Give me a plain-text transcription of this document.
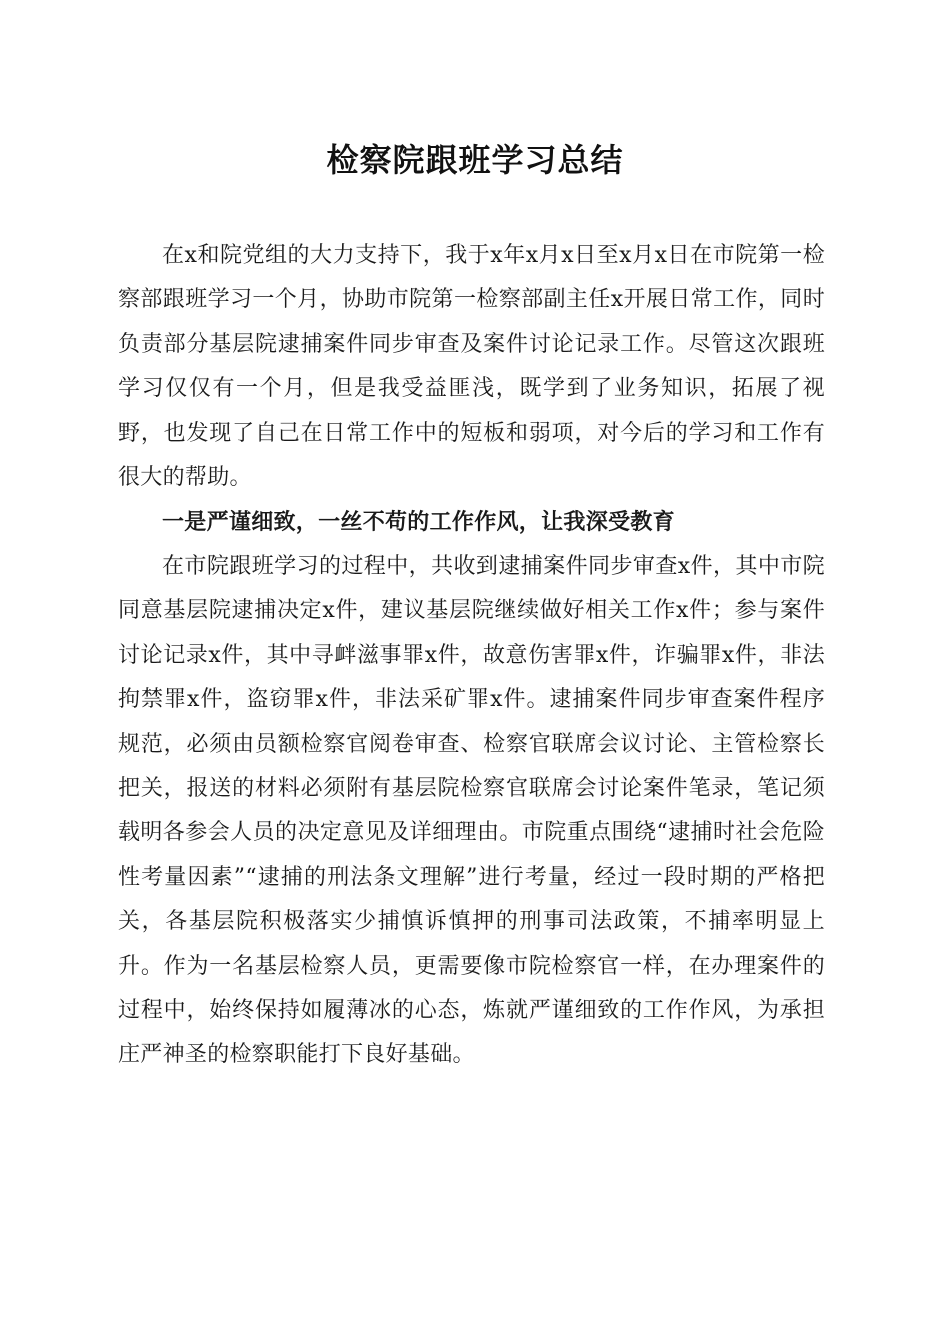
检察院跟班学习总结

在x和院党组的大力支持下，我于x年x月x日至x月x日在市院第一检察部跟班学习一个月，协助市院第一检察部副主任x开展日常工作，同时负责部分基层院逮捕案件同步审查及案件讨论记录工作。尽管这次跟班学习仅仅有一个月，但是我受益匪浅，既学到了业务知识，拓展了视野，也发现了自己在日常工作中的短板和弱项，对今后的学习和工作有很大的帮助。

一是严谨细致，一丝不苟的工作作风，让我深受教育

在市院跟班学习的过程中，共收到逮捕案件同步审查x件，其中市院同意基层院逮捕决定x件，建议基层院继续做好相关工作x件；参与案件讨论记录x件，其中寻衅滋事罪x件，故意伤害罪x件，诈骗罪x件，非法拘禁罪x件，盗窃罪x件，非法采矿罪x件。逮捕案件同步审查案件程序规范，必须由员额检察官阅卷审查、检察官联席会议讨论、主管检察长把关，报送的材料必须附有基层院检察官联席会讨论案件笔录，笔记须载明各参会人员的决定意见及详细理由。市院重点围绕“逮捕时社会危险性考量因素”“逮捕的刑法条文理解”进行考量，经过一段时期的严格把关，各基层院积极落实少捕慎诉慎押的刑事司法政策，不捕率明显上升。作为一名基层检察人员，更需要像市院检察官一样，在办理案件的过程中，始终保持如履薄冰的心态，炼就严谨细致的工作作风，为承担庄严神圣的检察职能打下良好基础。
